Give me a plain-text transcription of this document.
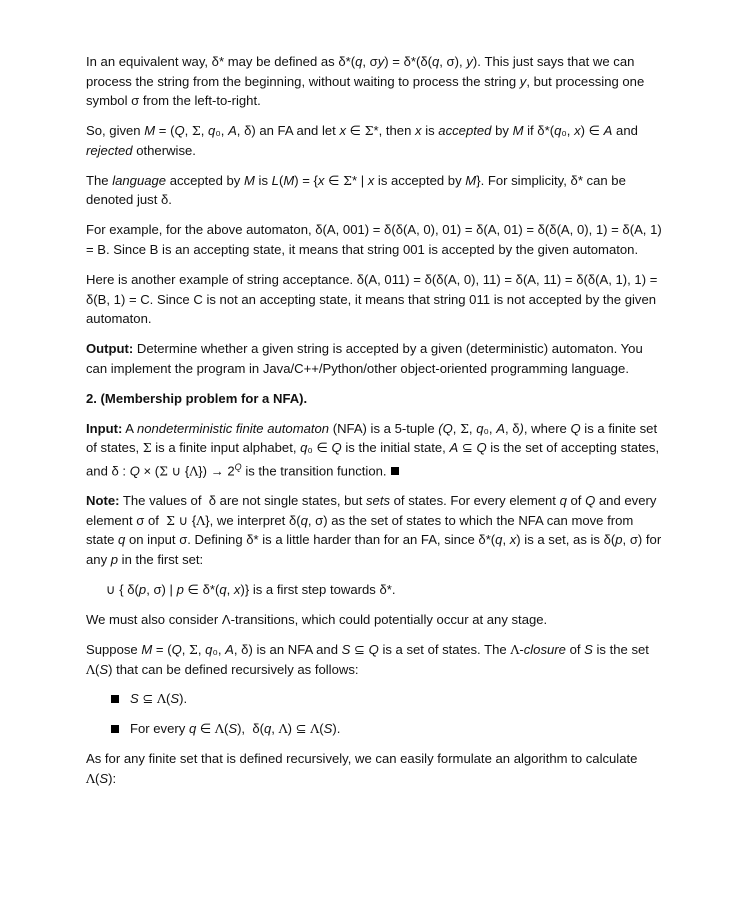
In an equivalent way, δ* may be defined as δ*(q, σy) = δ*(δ(q, σ), y). This just says that we can process the string from the beginning, without waiting to process the string y, but processing one symbol σ from the left-to-right.

So, given M = (Q, Σ, q₀, A, δ) an FA and let x ∈ Σ*, then x is accepted by M if δ*(q₀, x) ∈ A and rejected otherwise.

The language accepted by M is L(M) = {x ∈ Σ* | x is accepted by M}. For simplicity, δ* can be denoted just δ.

For example, for the above automaton, δ(A, 001) = δ(δ(A, 0), 01) = δ(A, 01) = δ(δ(A, 0), 1) = δ(A, 1) = B. Since B is an accepting state, it means that string 001 is accepted by the given automaton.

Here is another example of string acceptance. δ(A, 011) = δ(δ(A, 0), 11) = δ(A, 11) = δ(δ(A, 1), 1) = δ(B, 1) = C. Since C is not an accepting state, it means that string 011 is not accepted by the given automaton.

Output: Determine whether a given string is accepted by a given (deterministic) automaton. You can implement the program in Java/C++/Python/other object-oriented programming language.

2. (Membership problem for a NFA).

Input: A nondeterministic finite automaton (NFA) is a 5-tuple (Q, Σ, q₀, A, δ), where Q is a finite set of states, Σ is a finite input alphabet, q₀ ∈ Q is the initial state, A ⊆ Q is the set of accepting states, and δ : Q × (Σ ∪ $\{\Lambda\}) \to 2^Q$ is the transition function.

Note: The values of  δ are not single states, but sets of states. For every element q of Q and every element σ of  Σ ∪ {Λ}, we interpret δ(q, σ) as the set of states to which the NFA can move from state q on input σ. Defining δ* is a little harder than for an FA, since δ*(q, x) is a set, as is δ(p, σ) for any p in the first set:

∪ { δ(p, σ) | p ∈ δ*(q, x)} is a first step towards δ*.

We must also consider Λ-transitions, which could potentially occur at any stage.

Suppose M = (Q, Σ, q₀, A, δ) is an NFA and S ⊆ Q is a set of states. The Λ-closure of S is the set Λ(S) that can be defined recursively as follows:

S ⊆ Λ(S).
For every q ∈ Λ(S),  δ(q, Λ) ⊆ Λ(S).

As for any finite set that is defined recursively, we can easily formulate an algorithm to calculate Λ(S):
